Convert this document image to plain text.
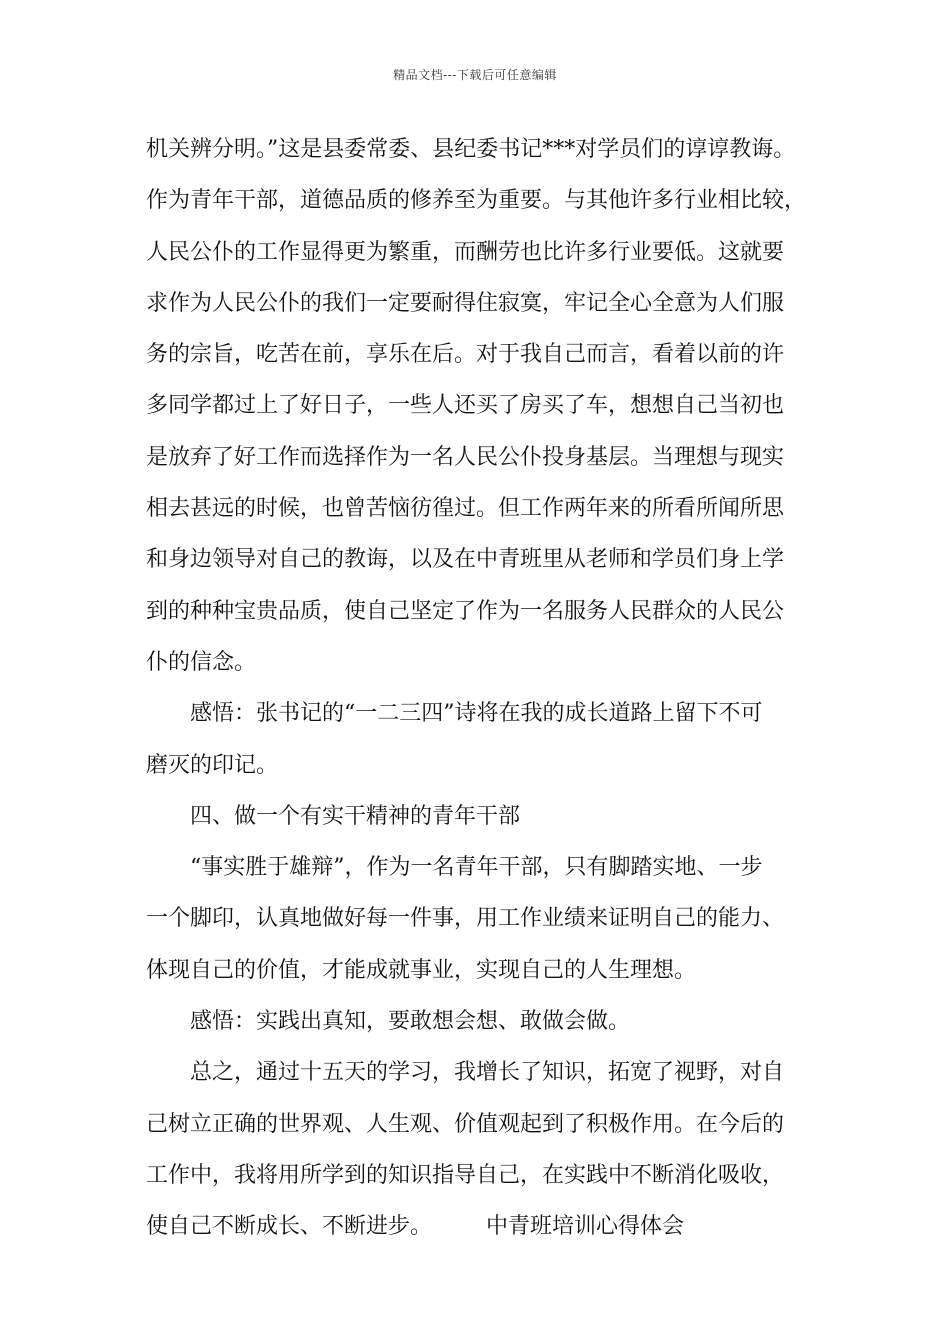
精品文档---下载后可任意编辑
机关辨分明。”这是县委常委、县纪委书记***对学员们的谆谆教诲。
作为青年干部，道德品质的修养至为重要。与其他许多行业相比较，
人民公仆的工作显得更为繁重，而酬劳也比许多行业要低。这就要
求作为人民公仆的我们一定要耐得住寂寞，牢记全心全意为人们服
务的宗旨，吃苦在前，享乐在后。对于我自己而言，看着以前的许
多同学都过上了好日子，一些人还买了房买了车，想想自己当初也
是放弃了好工作而选择作为一名人民公仆投身基层。当理想与现实
相去甚远的时候，也曾苦恼彷徨过。但工作两年来的所看所闻所思
和身边领导对自己的教诲，以及在中青班里从老师和学员们身上学
到的种种宝贵品质，使自己坚定了作为一名服务人民群众的人民公
仆的信念。
感悟：张书记的“一二三四”诗将在我的成长道路上留下不可
磨灭的印记。
四、做一个有实干精神的青年干部
“事实胜于雄辩”，作为一名青年干部，只有脚踏实地、一步
一个脚印，认真地做好每一件事，用工作业绩来证明自己的能力、
体现自己的价值，才能成就事业，实现自己的人生理想。
感悟：实践出真知，要敢想会想、敢做会做。
总之，通过十五天的学习，我增长了知识，拓宽了视野，对自
己树立正确的世界观、人生观、价值观起到了积极作用。在今后的
工作中，我将用所学到的知识指导自己，在实践中不断消化吸收，
使自己不断成长、不断进步。 中青班培训心得体会
